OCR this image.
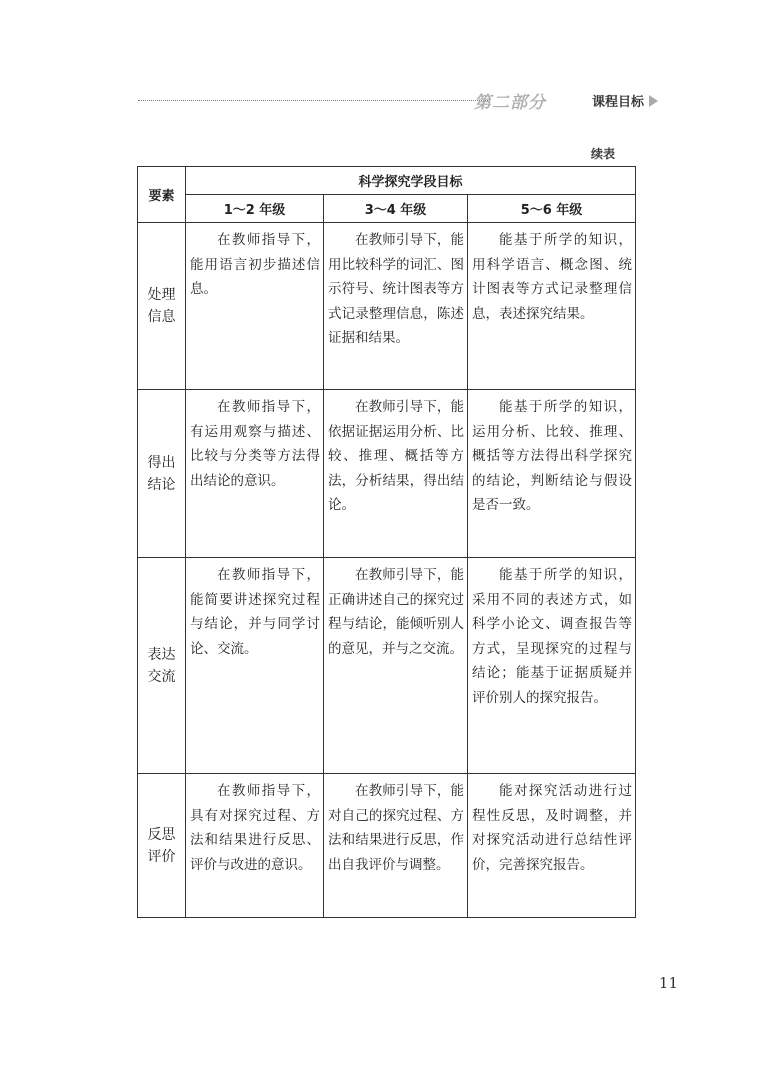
第二部分	课程目标
续表
要素	科学探究学段目标		
	1～2 年级	3～4 年级	5～6 年级
处理信息	在教师指导下，能用语言初步描述信息。	在教师引导下，能用比较科学的词汇、图示符号、统计图表等方式记录整理信息，陈述证据和结果。	能基于所学的知识，用科学语言、概念图、统计图表等方式记录整理信息，表述探究结果。

得出结论	在教师指导下，有运用观察与描述、比较与分类等方法得出结论的意识。	在教师引导下，能依据证据运用分析、比较、推理、概括等方法，分析结果，得出结论。	能基于所学的知识，运用分析、比较、推理、概括等方法得出科学探究的结论，判断结论与假设是否一致。

表达交流	在教师指导下，能简要讲述探究过程与结论，并与同学讨论、交流。	在教师引导下，能正确讲述自己的探究过程与结论，能倾听别人的意见，并与之交流。	能基于所学的知识，采用不同的表述方式，如科学小论文、调查报告等方式，呈现探究的过程与结论；能基于证据质疑并评价别人的探究报告。

反思评价	在教师指导下，具有对探究过程、方法和结果进行反思、评价与改进的意识。	在教师引导下，能对自己的探究过程、方法和结果进行反思，作出自我评价与调整。	能对探究活动进行过程性反思，及时调整，并对探究活动进行总结性评价，完善探究报告。
11
